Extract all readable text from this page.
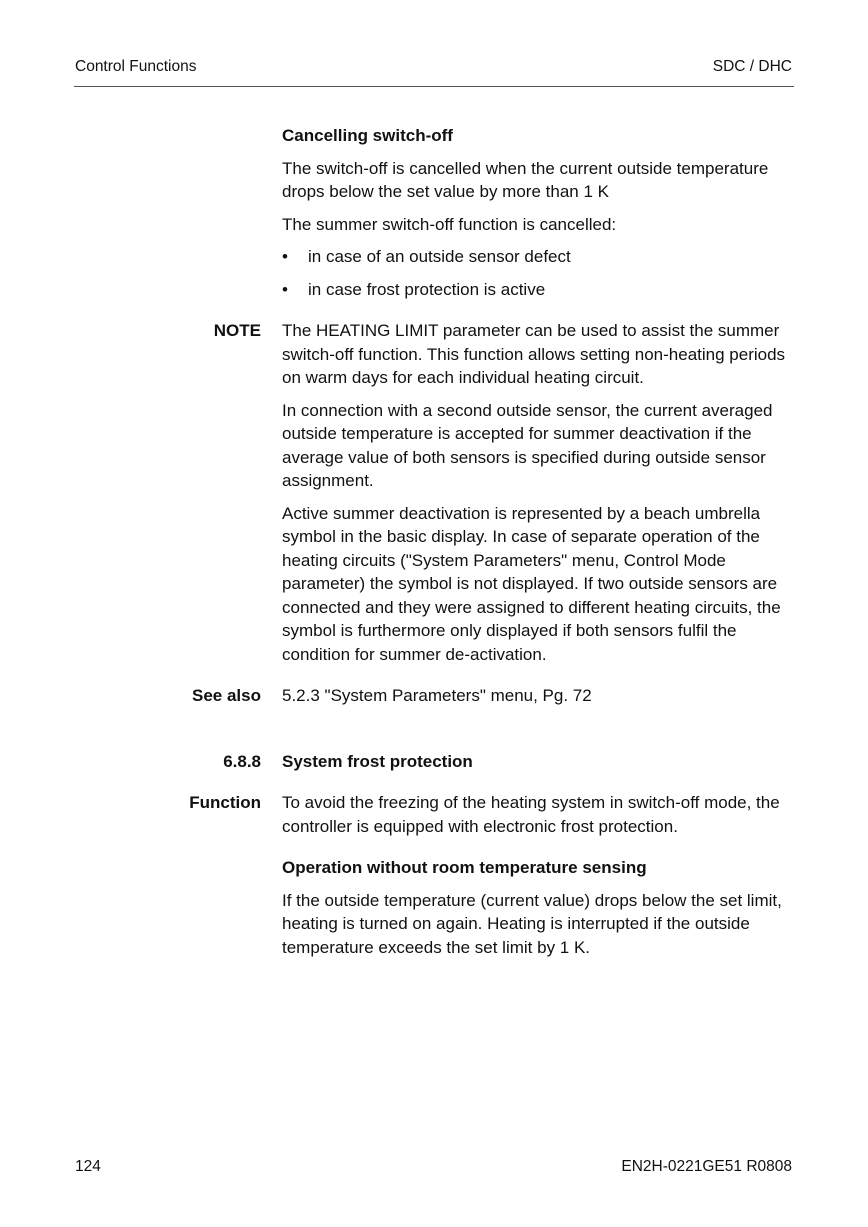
Control Functions	SDC / DHC

Cancelling switch-off

The switch-off is cancelled when the current outside temperature drops below the set value by more than 1 K

The summer switch-off function is cancelled:

•	in case of an outside sensor defect
•	in case frost protection is active
NOTE The HEATING LIMIT parameter can be used to assist the summer switch-off function. This function allows setting non-heating periods on warm days for each individual heating circuit.

In connection with a second outside sensor, the current averaged outside temperature is accepted for summer deactivation if the average value of both sensors is specified during outside sensor assignment.

Active summer deactivation is represented by a beach umbrella symbol in the basic display. In case of separate operation of the heating circuits ("System Parameters" menu, Control Mode parameter) the symbol is not displayed. If two outside sensors are connected and they were assigned to different heating circuits, the symbol is furthermore only displayed if both sensors fulfil the condition for summer de-activation.

See also 5.2.3 "System Parameters" menu, Pg. 72

6.8.8 System frost protection

Function To avoid the freezing of the heating system in switch-off mode, the controller is equipped with electronic frost protection.

Operation without room temperature sensing

If the outside temperature (current value) drops below the set limit, heating is turned on again. Heating is interrupted if the outside temperature exceeds the set limit by 1 K.

124	EN2H-0221GE51 R0808
